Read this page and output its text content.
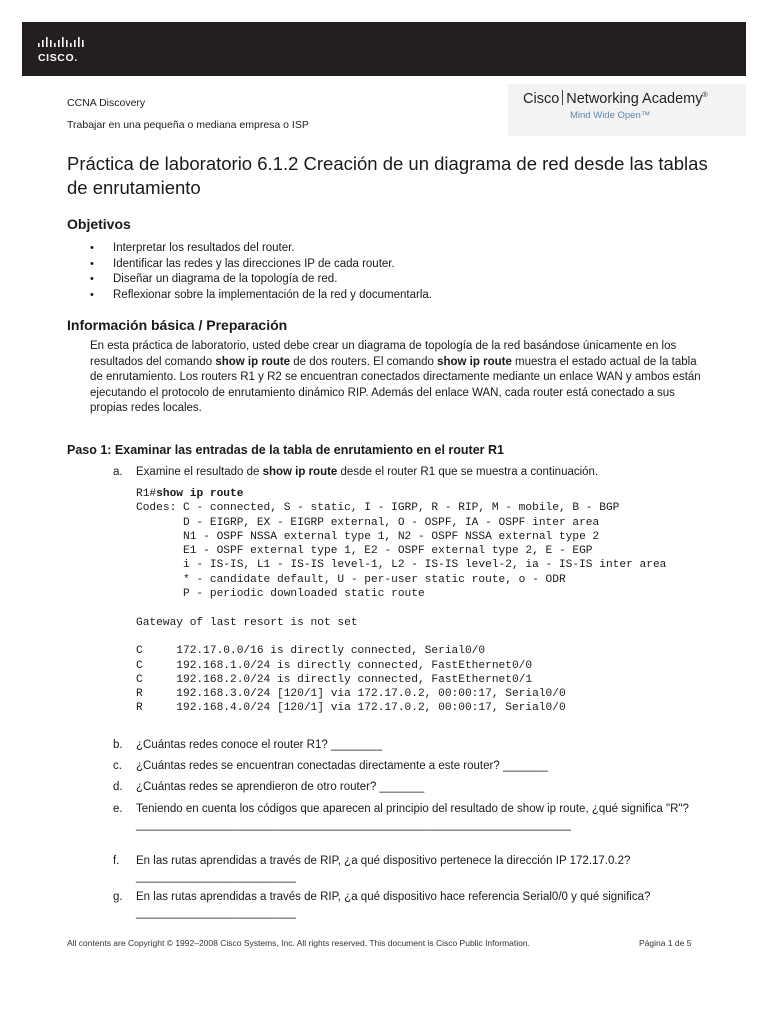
CISCO.
CCNA Discovery
Trabajar en una pequeña o mediana empresa o ISP
Cisco Networking Academy®
Mind Wide Open™
Práctica de laboratorio 6.1.2 Creación de un diagrama de red desde las tablas de enrutamiento
Objetivos
• Interpretar los resultados del router.
• Identificar las redes y las direcciones IP de cada router.
• Diseñar un diagrama de la topología de red.
• Reflexionar sobre la implementación de la red y documentarla.
Información básica / Preparación
En esta práctica de laboratorio, usted debe crear un diagrama de topología de la red basándose únicamente en los resultados del comando show ip route de dos routers. El comando show ip route muestra el estado actual de la tabla de enrutamiento. Los routers R1 y R2 se encuentran conectados directamente mediante un enlace WAN y ambos están ejecutando el protocolo de enrutamiento dinámico RIP. Además del enlace WAN, cada router está conectado a sus propias redes locales.
Paso 1: Examinar las entradas de la tabla de enrutamiento en el router R1
a.	Examine el resultado de show ip route desde el router R1 que se muestra a continuación.
R1#show ip route
Codes: C - connected, S - static, I - IGRP, R - RIP, M - mobile, B - BGP
D - EIGRP, EX - EIGRP external, O - OSPF, IA - OSPF inter area
N1 - OSPF NSSA external type 1, N2 - OSPF NSSA external type 2
E1 - OSPF external type 1, E2 - OSPF external type 2, E - EGP
i - IS-IS, L1 - IS-IS level-1, L2 - IS-IS level-2, ia - IS-IS inter area
* - candidate default, U - per-user static route, o - ODR
P - periodic downloaded static route

Gateway of last resort is not set

C     172.17.0.0/16 is directly connected, Serial0/0
C     192.168.1.0/24 is directly connected, FastEthernet0/0
C     192.168.2.0/24 is directly connected, FastEthernet0/1
R     192.168.3.0/24 [120/1] via 172.17.0.2, 00:00:17, Serial0/0
R     192.168.4.0/24 [120/1] via 172.17.0.2, 00:00:17, Serial0/0
b.	¿Cuántas redes conoce el router R1? ________
c.	¿Cuántas redes se encuentran conectadas directamente a este router? _______
d.	¿Cuántas redes se aprendieron de otro router? _______
e.	Teniendo en cuenta los códigos que aparecen al principio del resultado de show ip route, ¿qué significa "R"?
____________________________________________________________________
f.	En las rutas aprendidas a través de RIP, ¿a qué dispositivo pertenece la dirección IP 172.17.0.2?
_________________________
g.	En las rutas aprendidas a través de RIP, ¿a qué dispositivo hace referencia Serial0/0 y qué significa?
_________________________
All contents are Copyright © 1992–2008 Cisco Systems, Inc. All rights reserved. This document is Cisco Public Information.	Página 1 de 5
